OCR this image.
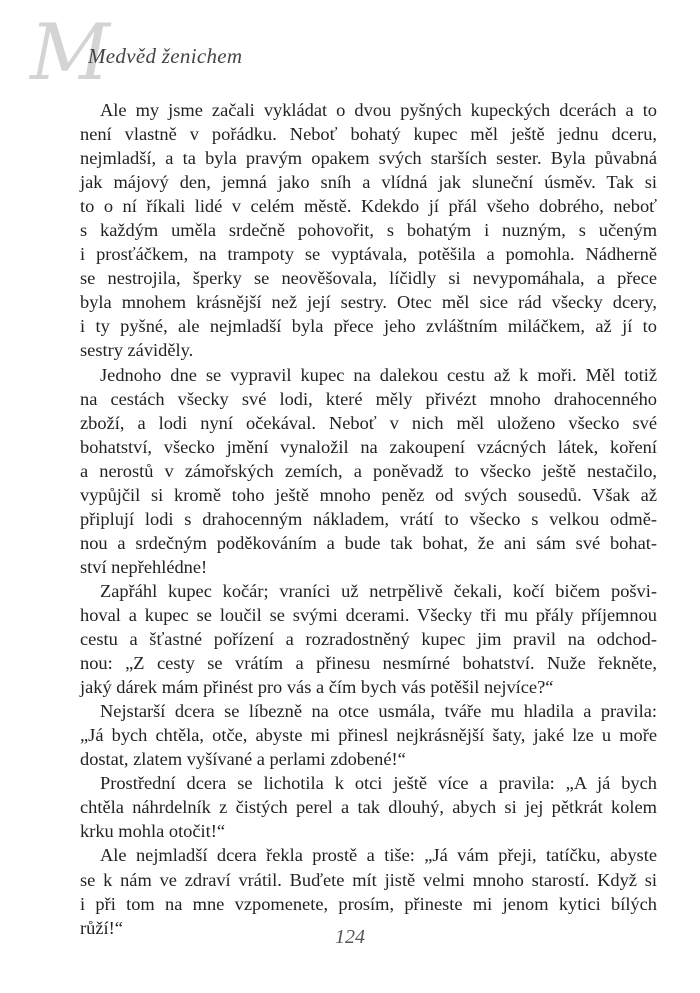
M
Medvěd ženichem
Ale my jsme začali vykládat o dvou pyšných kupeckých dcerách a to
není vlastně v pořádku. Neboť bohatý kupec měl ještě jednu dceru,
nejmladší, a ta byla pravým opakem svých starších sester. Byla půvabná
jak májový den, jemná jako sníh a vlídná jak sluneční úsměv. Tak si
to o ní říkali lidé v celém městě. Kdekdo jí přál všeho dobrého, neboť
s každým uměla srdečně pohovořit, s bohatým i nuzným, s učeným
i prosťáčkem, na trampoty se vyptávala, potěšila a pomohla. Nádherně
se nestrojila, šperky se neověšovala, líčidly si nevypomáhala, a přece
byla mnohem krásnější než její sestry. Otec měl sice rád všecky dcery,
i ty pyšné, ale nejmladší byla přece jeho zvláštním miláčkem, až jí to
sestry záviděly.
Jednoho dne se vypravil kupec na dalekou cestu až k moři. Měl totiž
na cestách všecky své lodi, které měly přivézt mnoho drahocenného
zboží, a lodi nyní očekával. Neboť v nich měl uloženo všecko své
bohatství, všecko jmění vynaložil na zakoupení vzácných látek, koření
a nerostů v zámořských zemích, a poněvadž to všecko ještě nestačilo,
vypůjčil si kromě toho ještě mnoho peněz od svých sousedů. Však až
připlují lodi s drahocenným nákladem, vrátí to všecko s velkou odmě-
nou a srdečným poděkováním a bude tak bohat, že ani sám své bohat-
ství nepřehlédne!
Zapřáhl kupec kočár; vraníci už netrpělivě čekali, kočí bičem pošvi-
hoval a kupec se loučil se svými dcerami. Všecky tři mu přály příjemnou
cestu a šťastné pořízení a rozradostněný kupec jim pravil na odchod-
nou: „Z cesty se vrátím a přinesu nesmírné bohatství. Nuže řekněte,
jaký dárek mám přinést pro vás a čím bych vás potěšil nejvíce?“
Nejstarší dcera se líbezně na otce usmála, tváře mu hladila a pravila:
„Já bych chtěla, otče, abyste mi přinesl nejkrásnější šaty, jaké lze u moře
dostat, zlatem vyšívané a perlami zdobené!“
Prostřední dcera se lichotila k otci ještě více a pravila: „A já bych
chtěla náhrdelník z čistých perel a tak dlouhý, abych si jej pětkrát kolem
krku mohla otočit!“
Ale nejmladší dcera řekla prostě a tiše: „Já vám přeji, tatíčku, abyste
se k nám ve zdraví vrátil. Buďete mít jistě velmi mnoho starostí. Když si
i při tom na mne vzpomenete, prosím, přineste mi jenom kytici bílých
růží!“	124
